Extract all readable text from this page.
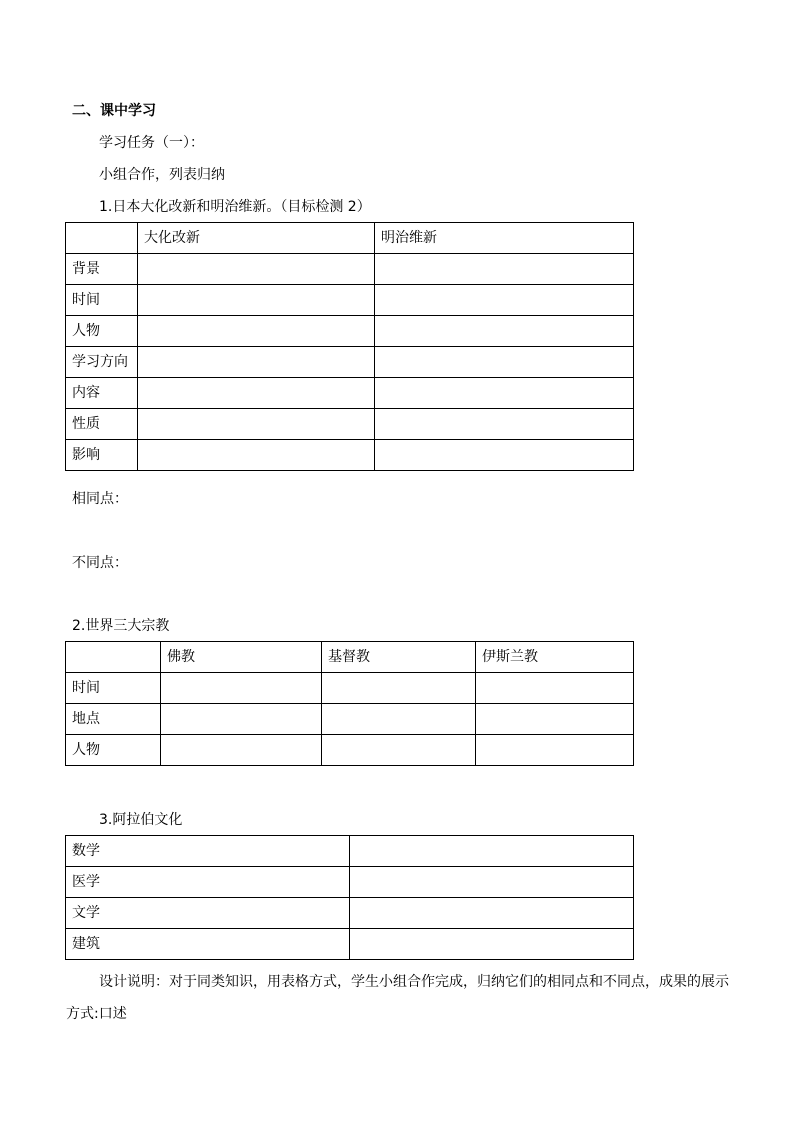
二、课中学习
学习任务（一）：
小组合作，列表归纳
1.日本大化改新和明治维新。（目标检测 2）
	大化改新	明治维新
背景		
时间		
人物		
学习方向		
内容		
性质		
影响		
相同点：
不同点：
2.世界三大宗教
	佛教	基督教	伊斯兰教
时间			
地点			
人物			
3.阿拉伯文化
数学	
医学	
文学	
建筑	
设计说明：对于同类知识，用表格方式，学生小组合作完成，归纳它们的相同点和不同点，成果的展示方式:口述
